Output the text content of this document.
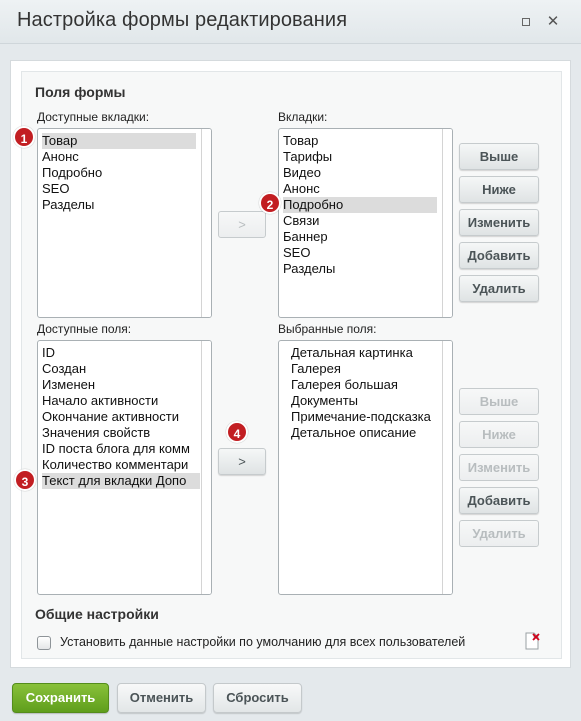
Настройка формы редактирования	✕
Поля формы
Доступные вкладки:
Товар
Анонс
Подробно
SEO
Разделы
Вкладки:
Товар
Тарифы
Видео
Анонс
Подробно
Связи
Баннер
SEO
Разделы
>
Выше
Ниже
Изменить
Добавить
Удалить
Доступные поля:
ID
Создан
Изменен
Начало активности
Окончание активности
Значения свойств
ID поста блога для комм
Количество комментари
Текст для вкладки Допо
Выбранные поля:
Детальная картинка
Галерея
Галерея большая
Документы
Примечание-подсказка
Детальное описание
>
Выше
Ниже
Изменить
Добавить
Удалить
1
2
3
4
Общие настройки
Установить данные настройки по умолчанию для всех пользователей
Сохранить	Отменить	Сбросить
